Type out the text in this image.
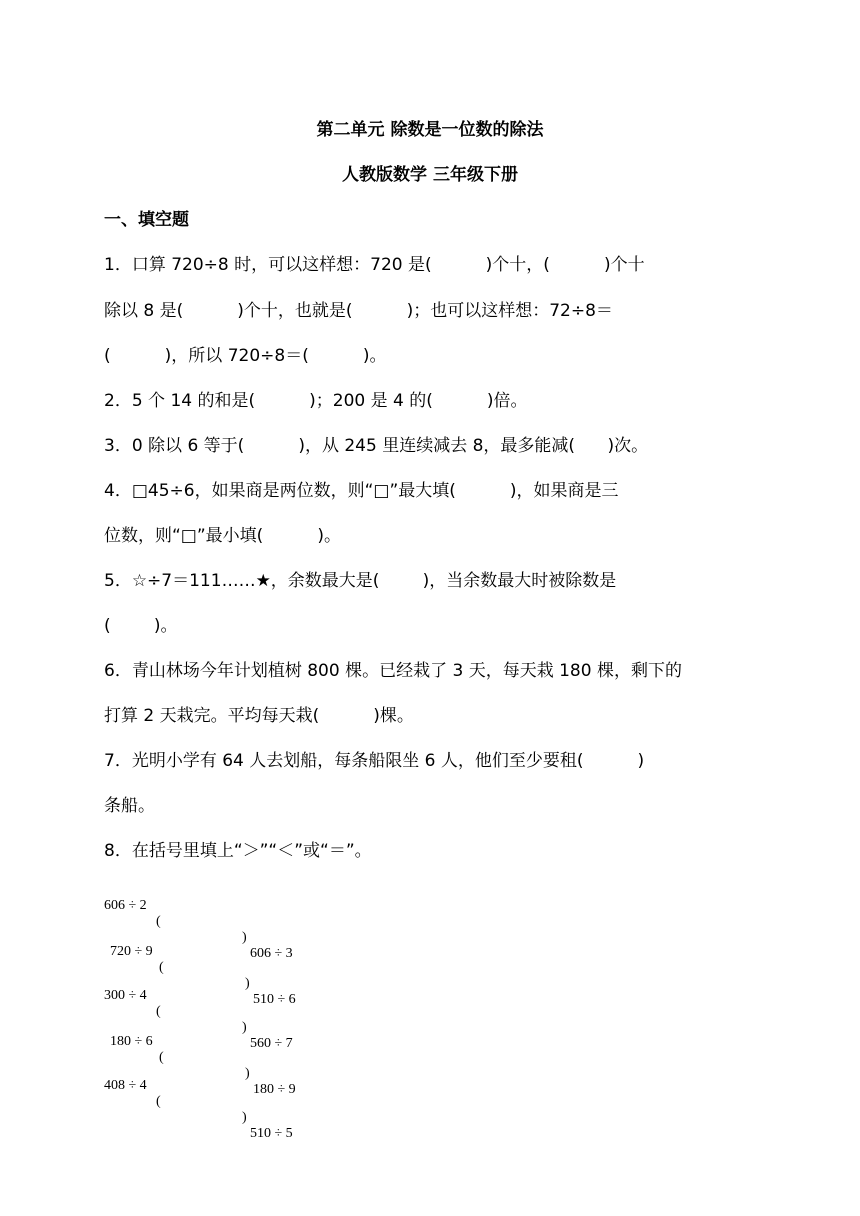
第二单元 除数是一位数的除法
人教版数学 三年级下册
一、填空题
1．口算 720÷8 时，可以这样想：720 是(          )个十，(          )个十
除以 8 是(          )个十，也就是(          )；也可以这样想：72÷8＝
(          )，所以 720÷8＝(          )。
2．5 个 14 的和是(          )；200 是 4 的(          )倍。
3．0 除以 6 等于(          )，从 245 里连续减去 8，最多能减(      )次。
4．□45÷6，如果商是两位数，则“□”最大填(          )，如果商是三
位数，则“□”最小填(          )。
5．☆÷7＝111……★，余数最大是(        )，当余数最大时被除数是
(        )。
6．青山林场今年计划植树 800 棵。已经栽了 3 天，每天栽 180 棵，剩下的
打算 2 天栽完。平均每天栽(          )棵。
7．光明小学有 64 人去划船，每条船限坐 6 人，他们至少要租(          )
条船。
8．在括号里填上“＞”“＜”或“＝”。

606 ÷ 2

(

)

606 ÷ 3

720 ÷ 9

(

)

510 ÷ 6

300 ÷ 4

(

)

560 ÷ 7

180 ÷ 6

(

)

180 ÷ 9

408 ÷ 4

(

)

510 ÷ 5
